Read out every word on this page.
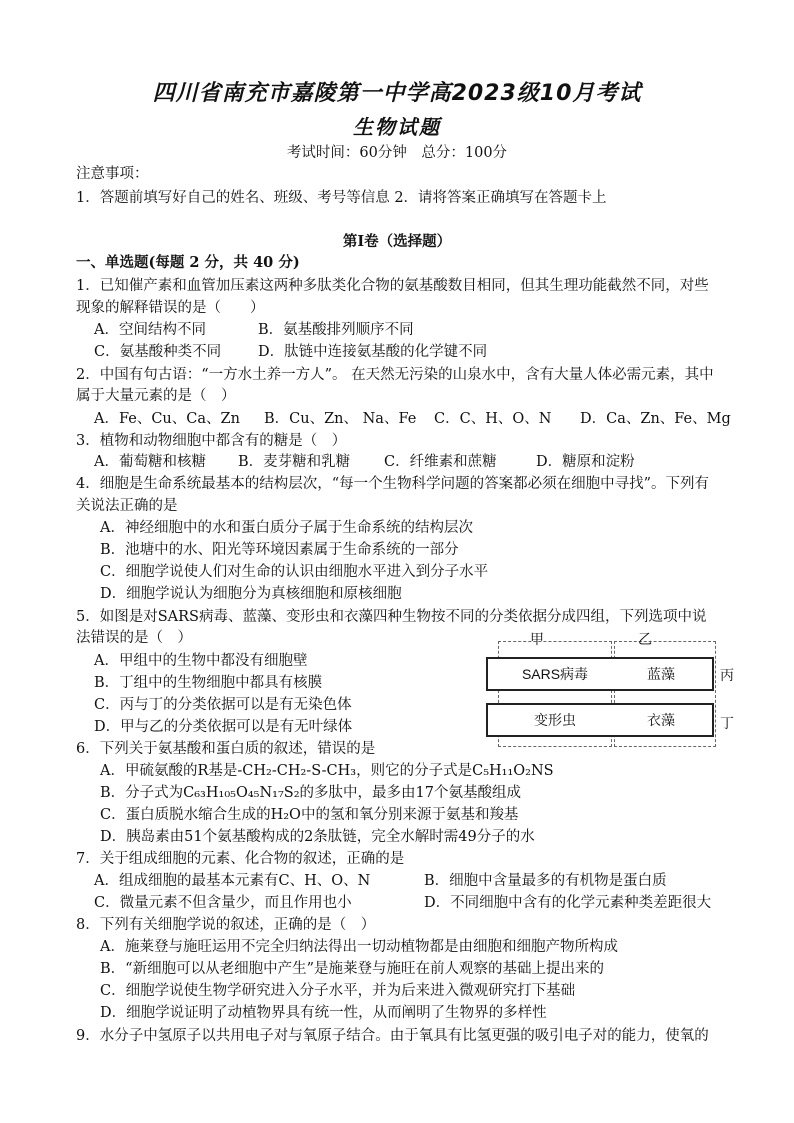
四川省南充市嘉陵第一中学高2023级10月考试
生物试题
考试时间：60分钟　总分：100分
注意事项：
1．答题前填写好自己的姓名、班级、考号等信息 2．请将答案正确填写在答题卡上
第Ⅰ卷（选择题）
一、单选题(每题 2 分，共 40 分)
1．已知催产素和血管加压素这两种多肽类化合物的氨基酸数目相同，但其生理功能截然不同，对些
现象的解释错误的是（　　）
A．空间结构不同	B．氨基酸排列顺序不同
C．氨基酸种类不同	D．肽链中连接氨基酸的化学键不同
2．中国有句古语：“一方水土养一方人”。 在天然无污染的山泉水中，含有大量人体必需元素，其中
属于大量元素的是（　）
A．Fe、Cu、Ca、Zn B．Cu、Zn、 Na、Fe C．C、H、O、N D．Ca、Zn、Fe、Mg
3．植物和动物细胞中都含有的糖是（　）
A．葡萄糖和核糖 B．麦芽糖和乳糖 C．纤维素和蔗糖	D．糖原和淀粉
4．细胞是生命系统最基本的结构层次，“每一个生物科学问题的答案都必须在细胞中寻找”。下列有
关说法正确的是
A．神经细胞中的水和蛋白质分子属于生命系统的结构层次
B．池塘中的水、阳光等环境因素属于生命系统的一部分
C．细胞学说使人们对生命的认识由细胞水平进入到分子水平
D．细胞学说认为细胞分为真核细胞和原核细胞
5．如图是对SARS病毒、蓝藻、变形虫和衣藻四种生物按不同的分类依据分成四组，下列选项中说
法错误的是（　）
A．甲组中的生物中都没有细胞壁
B．丁组中的生物细胞中都具有核膜
C．丙与丁的分类依据可以是有无染色体
D．甲与乙的分类依据可以是有无叶绿体
甲	乙
丙
丁
SARS病毒	蓝藻
变形虫	衣藻
6．下列关于氨基酸和蛋白质的叙述，错误的是
A．甲硫氨酸的R基是-CH₂-CH₂-S-CH₃，则它的分子式是C₅H₁₁O₂NS
B．分子式为C₆₃H₁₀₅O₄₅N₁₇S₂的多肽中，最多由17个氨基酸组成
C．蛋白质脱水缩合生成的H₂O中的氢和氧分别来源于氨基和羧基
D．胰岛素由51个氨基酸构成的2条肽链，完全水解时需49分子的水
7．关于组成细胞的元素、化合物的叙述，正确的是
A．组成细胞的最基本元素有C、H、O、N	B．细胞中含量最多的有机物是蛋白质
C．微量元素不但含量少，而且作用也小	D．不同细胞中含有的化学元素种类差距很大
8．下列有关细胞学说的叙述，正确的是（　）
A．施莱登与施旺运用不完全归纳法得出一切动植物都是由细胞和细胞产物所构成
B．“新细胞可以从老细胞中产生”是施莱登与施旺在前人观察的基础上提出来的
C．细胞学说使生物学研究进入分子水平，并为后来进入微观研究打下基础
D．细胞学说证明了动植物界具有统一性，从而阐明了生物界的多样性
9．水分子中氢原子以共用电子对与氧原子结合。由于氧具有比氢更强的吸引电子对的能力，使氧的
